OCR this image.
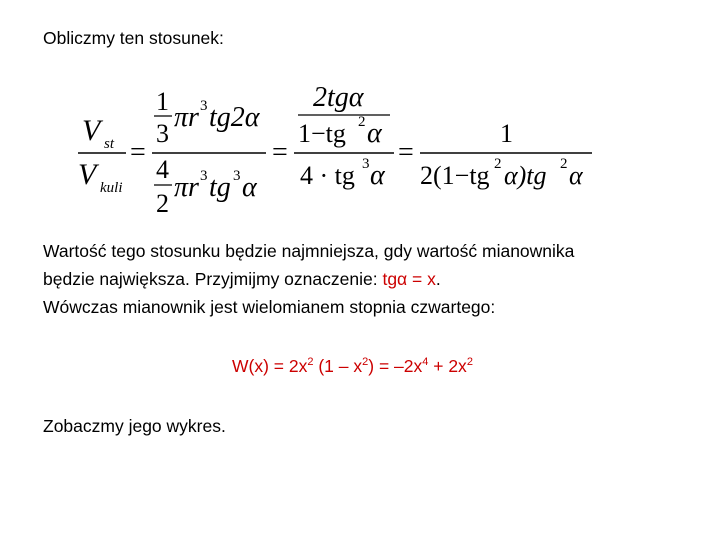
Obliczmy ten stosunek:
V st
V kuli
=
1
3
πr 3 tg2α
4
2
πr 3 tg 3 α
=
2tgα
1−tg 2 α
4 · tg 3 α
=
1
2(1−tg 2 α)tg 2 α
Wartość tego stosunku będzie najmniejsza, gdy wartość mianownika
będzie największa. Przyjmijmy oznaczenie: tgα = x.
Wówczas mianownik jest wielomianem stopnia czwartego:
$W(x) = 2x^2$ $(1 - x^2) = -2x^4 + 2x^2$
Zobaczmy jego wykres.
